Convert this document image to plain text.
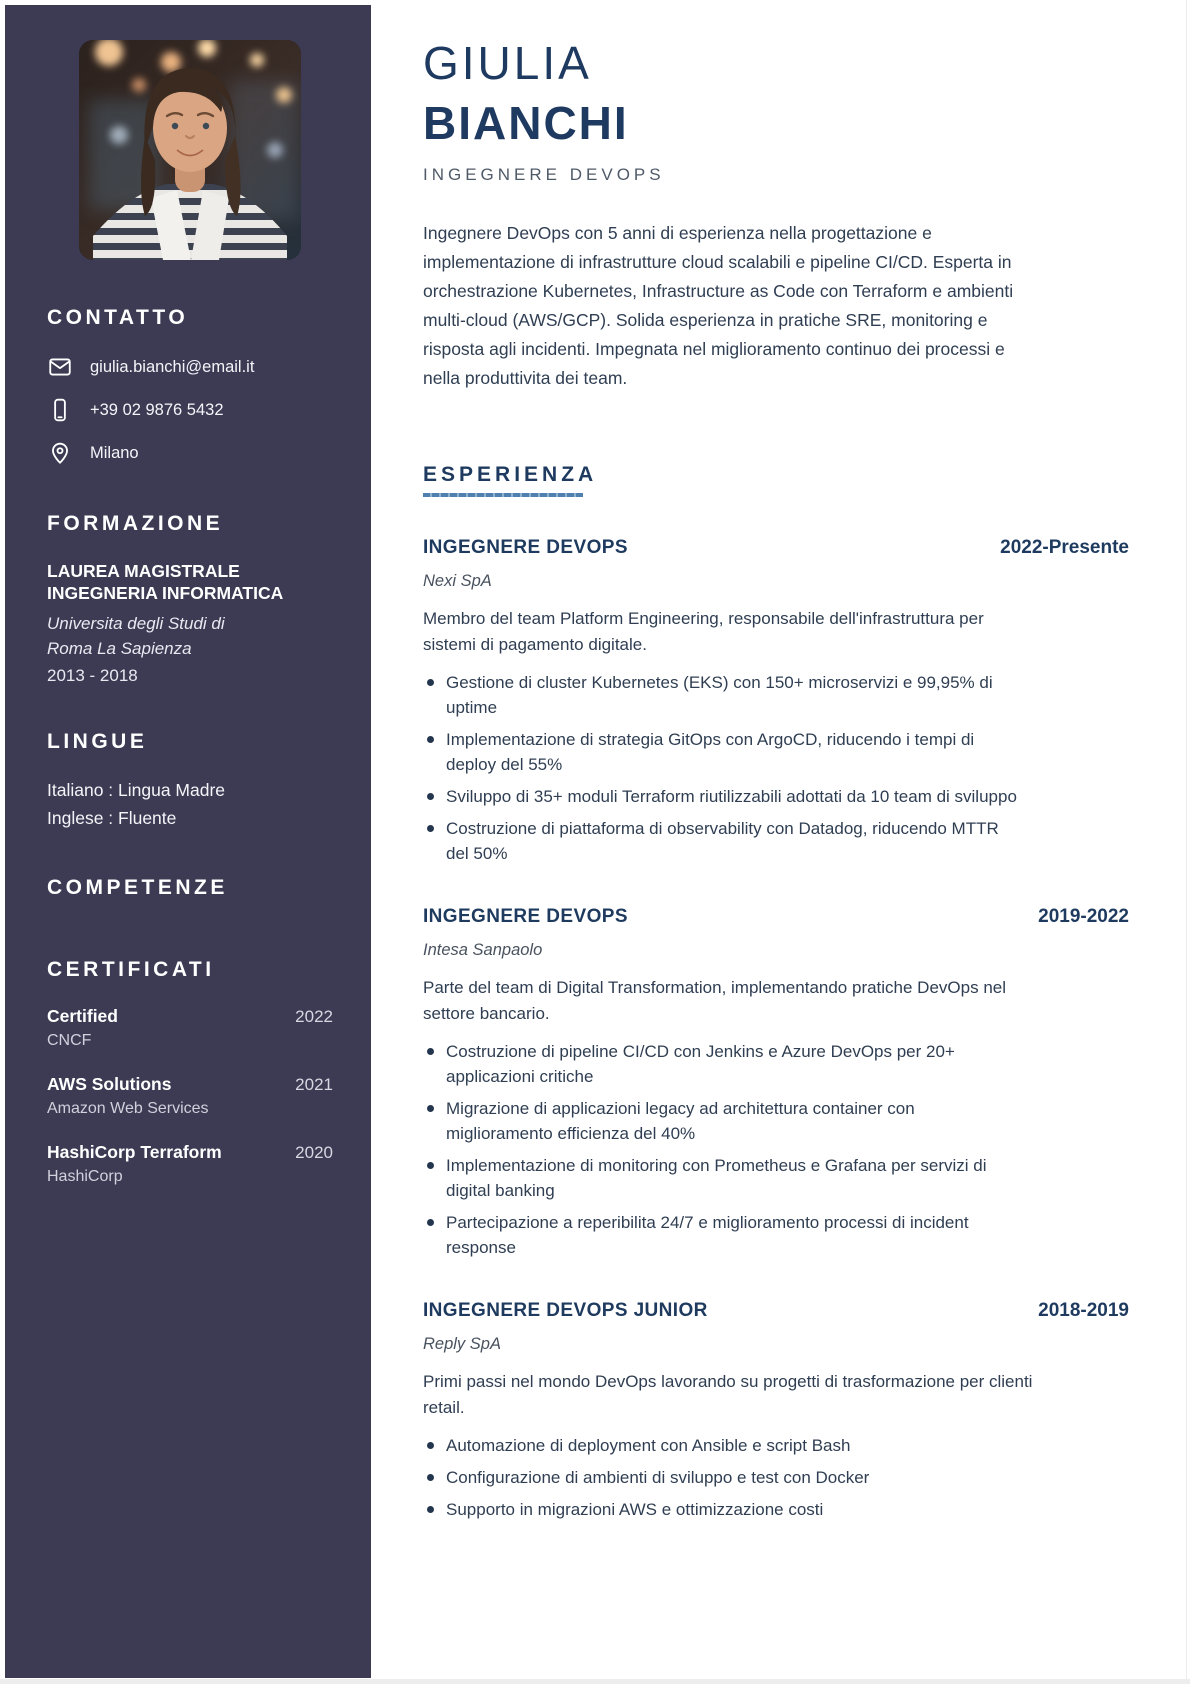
CONTATTO
giulia.bianchi@email.it
+39 02 9876 5432
Milano
FORMAZIONE
LAUREA MAGISTRALE
INGEGNERIA INFORMATICA
Universita degli Studi di
Roma La Sapienza
2013 - 2018
LINGUE
Italiano : Lingua Madre
Inglese : Fluente
COMPETENZE
CERTIFICATI
Certified	2022
CNCF
AWS Solutions	2021
Amazon Web Services
HashiCorp Terraform	2020
HashiCorp
GIULIA
BIANCHI
INGEGNERE DEVOPS

Ingegnere DevOps con 5 anni di esperienza nella progettazione e implementazione di infrastrutture cloud scalabili e pipeline CI/CD. Esperta in orchestrazione Kubernetes, Infrastructure as Code con Terraform e ambienti multi-cloud (AWS/GCP). Solida esperienza in pratiche SRE, monitoring e risposta agli incidenti. Impegnata nel miglioramento continuo dei processi e nella produttivita dei team.

ESPERIENZA
INGEGNERE DEVOPS	2022-Presente
Nexi SpA
Membro del team Platform Engineering, responsabile dell'infrastruttura per sistemi di pagamento digitale.
Gestione di cluster Kubernetes (EKS) con 150+ microservizi e 99,95% di uptime
Implementazione di strategia GitOps con ArgoCD, riducendo i tempi di deploy del 55%
Sviluppo di 35+ moduli Terraform riutilizzabili adottati da 10 team di sviluppo
Costruzione di piattaforma di observability con Datadog, riducendo MTTR del 50%
INGEGNERE DEVOPS	2019-2022
Intesa Sanpaolo
Parte del team di Digital Transformation, implementando pratiche DevOps nel settore bancario.
Costruzione di pipeline CI/CD con Jenkins e Azure DevOps per 20+ applicazioni critiche
Migrazione di applicazioni legacy ad architettura container con miglioramento efficienza del 40%
Implementazione di monitoring con Prometheus e Grafana per servizi di digital banking
Partecipazione a reperibilita 24/7 e miglioramento processi di incident response
INGEGNERE DEVOPS JUNIOR	2018-2019
Reply SpA
Primi passi nel mondo DevOps lavorando su progetti di trasformazione per clienti retail.
Automazione di deployment con Ansible e script Bash
Configurazione di ambienti di sviluppo e test con Docker
Supporto in migrazioni AWS e ottimizzazione costi
